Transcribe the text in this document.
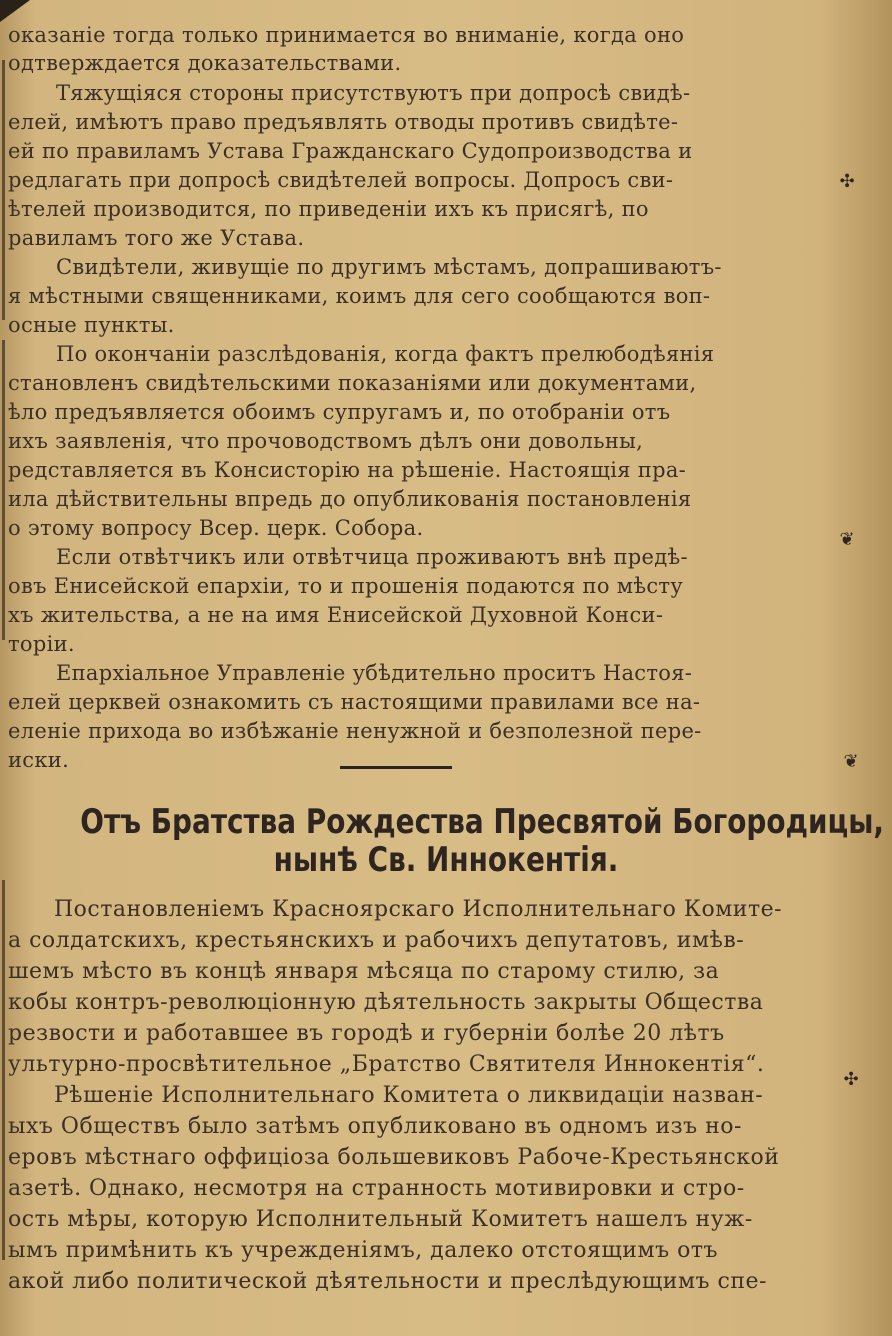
оказаніе тогда только принимается во вниманіе, когда оно
одтверждается доказательствами.
Тяжущіяся стороны присутствуютъ при допросѣ свидѣ-
елей, имѣютъ право предъявлять отводы противъ свидѣте-
ей по правиламъ Устава Гражданскаго Судопроизводства и
редлагать при допросѣ свидѣтелей вопросы. Допросъ сви-
ѣтелей производится, по приведеніи ихъ къ присягѣ, по
равиламъ того же Устава.
Свидѣтели, живущіе по другимъ мѣстамъ, допрашиваютъ-
я мѣстными священниками, коимъ для сего сообщаются воп-
осные пункты.
По окончаніи разслѣдованія, когда фактъ прелюбодѣянія
становленъ свидѣтельскими показаніями или документами,
ѣло предъявляется обоимъ супругамъ и, по отобраніи отъ
ихъ заявленія, что прочоводствомъ дѣлъ они довольны,
редставляется въ Консисторію на рѣшеніе. Настоящія пра-
ила дѣйствительны впредь до опубликованія постановленія
о этому вопросу Всер. церк. Собора.
Если отвѣтчикъ или отвѣтчица проживаютъ внѣ предѣ-
овъ Енисейской епархіи, то и прошенія подаются по мѣсту
хъ жительства, а не на имя Енисейской Духовной Конси-
торіи.
Епархіальное Управленіе убѣдительно проситъ Настоя-
елей церквей ознакомить съ настоящими правилами все на-
еленіе прихода во избѣжаніе ненужной и безполезной пере-
иски.
Отъ Братства Рождества Пресвятой Богородицы,
нынѣ Св. Иннокентія.
Постановленіемъ Красноярскаго Исполнительнаго Комите-
а солдатскихъ, крестьянскихъ и рабочихъ депутатовъ, имѣв-
шемъ мѣсто въ концѣ января мѣсяца по старому стилю, за
кобы контръ-революціонную дѣятельность закрыты Общества
резвости и работавшее въ городѣ и губерніи болѣе 20 лѣтъ
ультурно-просвѣтительное „Братство Святителя Иннокентія“.
Рѣшеніе Исполнительнаго Комитета о ликвидаціи назван-
ыхъ Обществъ было затѣмъ опубликовано въ одномъ изъ но-
еровъ мѣстнаго оффиціоза большевиковъ Рабоче-Крестьянской
азетѣ. Однако, несмотря на странность мотивировки и стро-
ость мѣры, которую Исполнительный Комитетъ нашелъ нуж-
ымъ примѣнить къ учрежденіямъ, далеко отстоящимъ отъ
акой либо политической дѣятельности и преслѣдующимъ спе-
✣
❦
❦
✣
